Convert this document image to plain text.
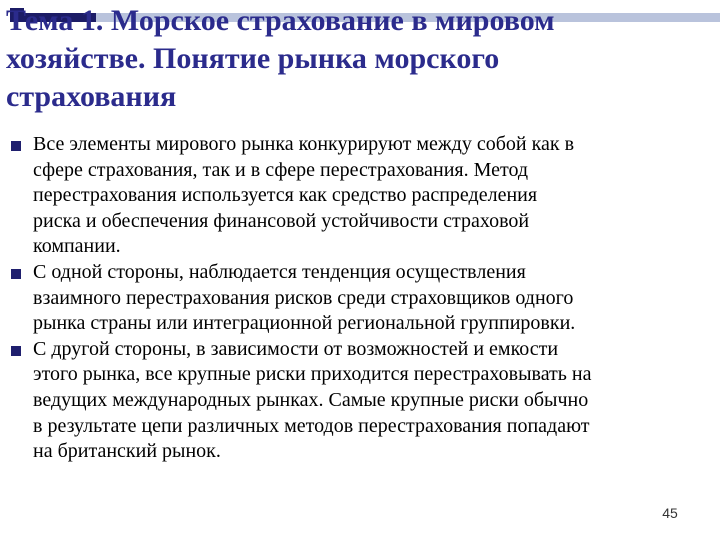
Тема 1. Морское страхование в мировом
хозяйстве. Понятие рынка морского
страхования
Все элементы мирового рынка конкурируют между собой как в
сфере страхования, так и в сфере перестрахования. Метод
перестрахования используется как средство распределения
риска и обеспечения финансовой устойчивости страховой
компании.
С одной стороны, наблюдается тенденция осуществления
взаимного перестрахования рисков среди страховщиков одного
рынка страны или интеграционной региональной группировки.
С другой стороны, в зависимости от возможностей и емкости
этого рынка, все крупные риски приходится перестраховывать на
ведущих международных рынках. Самые крупные риски обычно
в результате цепи различных методов перестрахования попадают
на британский рынок.
45
